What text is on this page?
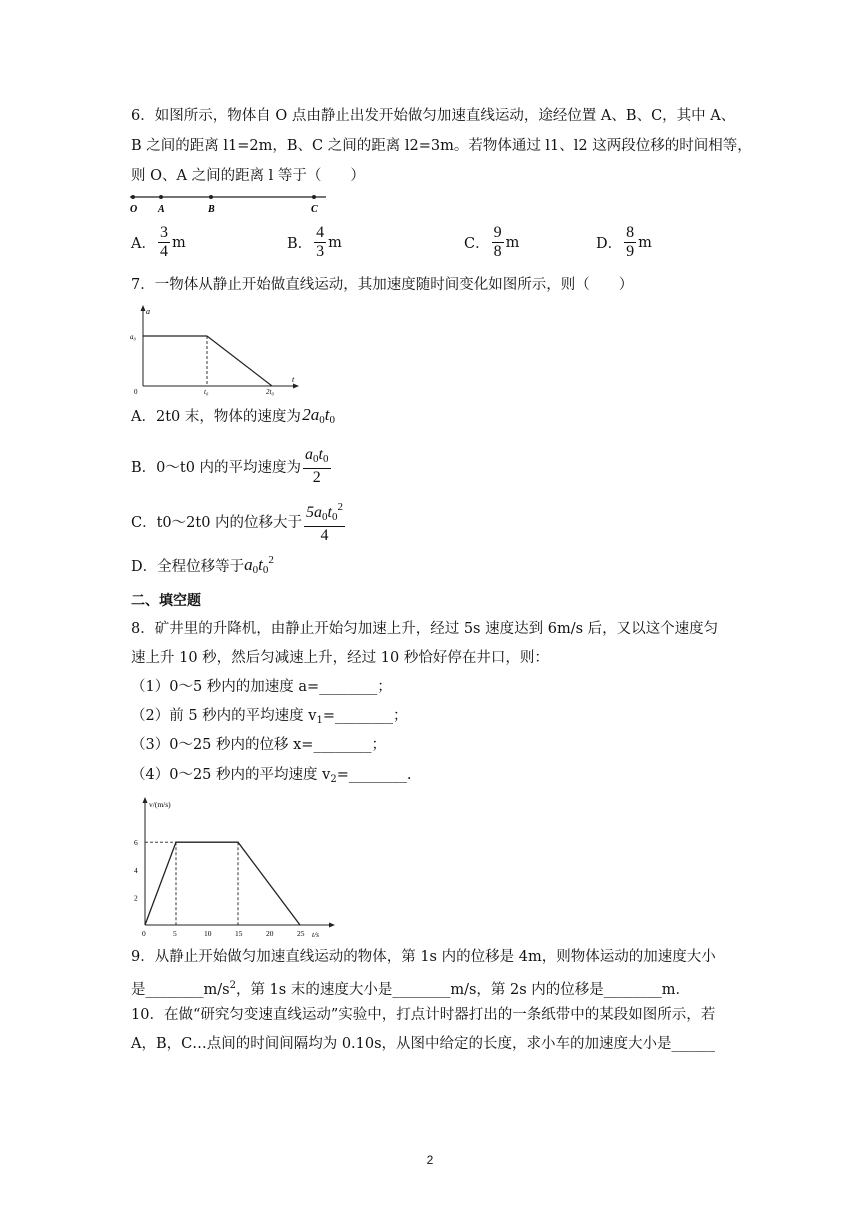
6．如图所示，物体自 O 点由静止出发开始做匀加速直线运动，途经位置 A、B、C，其中 A、
B 之间的距离 l1=2m，B、C 之间的距离 l2=3m。若物体通过 l1、l2 这两段位移的时间相等，
则 O、A 之间的距离 l 等于（　　）
O A	B	C
A． $\frac{3}{4}$ m	B． $\frac{4}{3}$ m	C． $\frac{9}{8}$ m	D． $\frac{8}{9}$ m
7．一物体从静止开始做直线运动，其加速度随时间变化如图所示，则（　　）
a
t
a₀
0	t₀	2t₀
A．2t0 末，物体的速度为  $2a_0t_0$
B．0～t0 内的平均速度为 $\frac{a_0t_0}{2}$
C．t0～2t0 内的位移大于 $\frac{5a_0t_0^2}{4}$
D．全程位移等于 $a_0t_0^2$
二、填空题
8．矿井里的升降机，由静止开始匀加速上升，经过 5s 速度达到 6m/s 后，又以这个速度匀
速上升 10 秒，然后匀减速上升，经过 10 秒恰好停在井口，则：
（1）0～5 秒内的加速度 a=________；
（2）前 5 秒内的平均速度 $v_1=\_\_\_\_\_\_\_\_$；
（3）0～25 秒内的位移 x=________；
（4）0～25 秒内的平均速度 $v_2=\_\_\_\_\_\_\_\_$.
v/(m/s)
t/s
0	5	10	15	20	25
2
4
6
9．从静止开始做匀加速直线运动的物体，第 1s 内的位移是 4m，则物体运动的加速度大小
是$\_\_\_\_\_\_\_\_m/s^2$，第 1s 末的速度大小是________m/s，第 2s 内的位移是________m．
10．在做“研究匀变速直线运动”实验中，打点计时器打出的一条纸带中的某段如图所示，若
A，B，C…点间的时间间隔均为 0.10s，从图中给定的长度，求小车的加速度大小是______
2
